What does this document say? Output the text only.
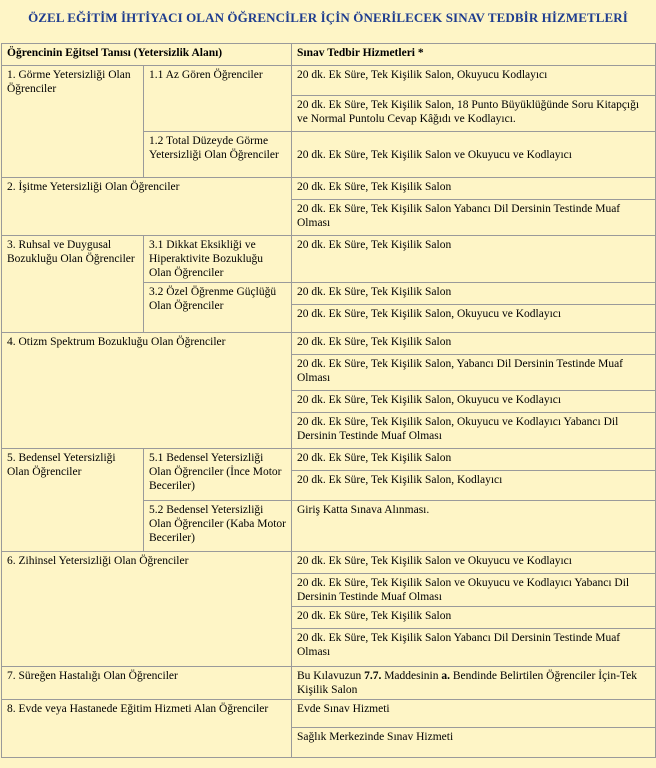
ÖZEL EĞİTİM İHTİYACI OLAN ÖĞRENCİLER İÇİN ÖNERİLECEK SINAV TEDBİR HİZMETLERİ
Öğrencinin Eğitsel Tanısı (Yetersizlik Alanı)		Sınav Tedbir Hizmetleri *
1. Görme Yetersizliği Olan Öğrenciler	1.1 Az Gören Öğrenciler	20 dk. Ek Süre, Tek Kişilik Salon, Okuyucu Kodlayıcı
		20 dk. Ek Süre, Tek Kişilik Salon, 18 Punto Büyüklüğünde Soru Kitapçığı ve Normal Puntolu Cevap Kâğıdı ve Kodlayıcı.
	1.2 Total Düzeyde Görme Yetersizliği Olan Öğrenciler	20 dk. Ek Süre, Tek Kişilik Salon ve Okuyucu ve Kodlayıcı
2. İşitme Yetersizliği Olan Öğrenciler		20 dk. Ek Süre, Tek Kişilik Salon
		20 dk. Ek Süre, Tek Kişilik Salon Yabancı Dil Dersinin Testinde Muaf Olması
3. Ruhsal ve Duygusal Bozukluğu Olan Öğrenciler	3.1 Dikkat Eksikliği ve Hiperaktivite Bozukluğu Olan Öğrenciler	20 dk. Ek Süre, Tek Kişilik Salon
	3.2 Özel Öğrenme Güçlüğü Olan Öğrenciler	20 dk. Ek Süre, Tek Kişilik Salon
		20 dk. Ek Süre, Tek Kişilik Salon, Okuyucu ve Kodlayıcı
4. Otizm Spektrum Bozukluğu Olan Öğrenciler		20 dk. Ek Süre, Tek Kişilik Salon
		20 dk. Ek Süre, Tek Kişilik Salon, Yabancı Dil Dersinin Testinde Muaf Olması
		20 dk. Ek Süre, Tek Kişilik Salon, Okuyucu ve Kodlayıcı
		20 dk. Ek Süre, Tek Kişilik Salon, Okuyucu ve Kodlayıcı Yabancı Dil Dersinin Testinde Muaf Olması
5. Bedensel Yetersizliği Olan Öğrenciler	5.1 Bedensel Yetersizliği Olan Öğrenciler (İnce Motor Beceriler)	20 dk. Ek Süre, Tek Kişilik Salon
		20 dk. Ek Süre, Tek Kişilik Salon, Kodlayıcı
	5.2 Bedensel Yetersizliği Olan Öğrenciler (Kaba Motor Beceriler)	Giriş Katta Sınava Alınması.
6. Zihinsel Yetersizliği Olan Öğrenciler		20 dk. Ek Süre, Tek Kişilik Salon ve Okuyucu ve Kodlayıcı
		20 dk. Ek Süre, Tek Kişilik Salon ve Okuyucu ve Kodlayıcı Yabancı Dil Dersinin Testinde Muaf Olması
		20 dk. Ek Süre, Tek Kişilik Salon
		20 dk. Ek Süre, Tek Kişilik Salon Yabancı Dil Dersinin Testinde Muaf Olması
7. Süreğen Hastalığı Olan Öğrenciler		Bu Kılavuzun 7.7. Maddesinin a. Bendinde Belirtilen Öğrenciler İçin-Tek Kişilik Salon
8. Evde veya Hastanede Eğitim Hizmeti Alan Öğrenciler		Evde Sınav Hizmeti
		Sağlık Merkezinde Sınav Hizmeti
